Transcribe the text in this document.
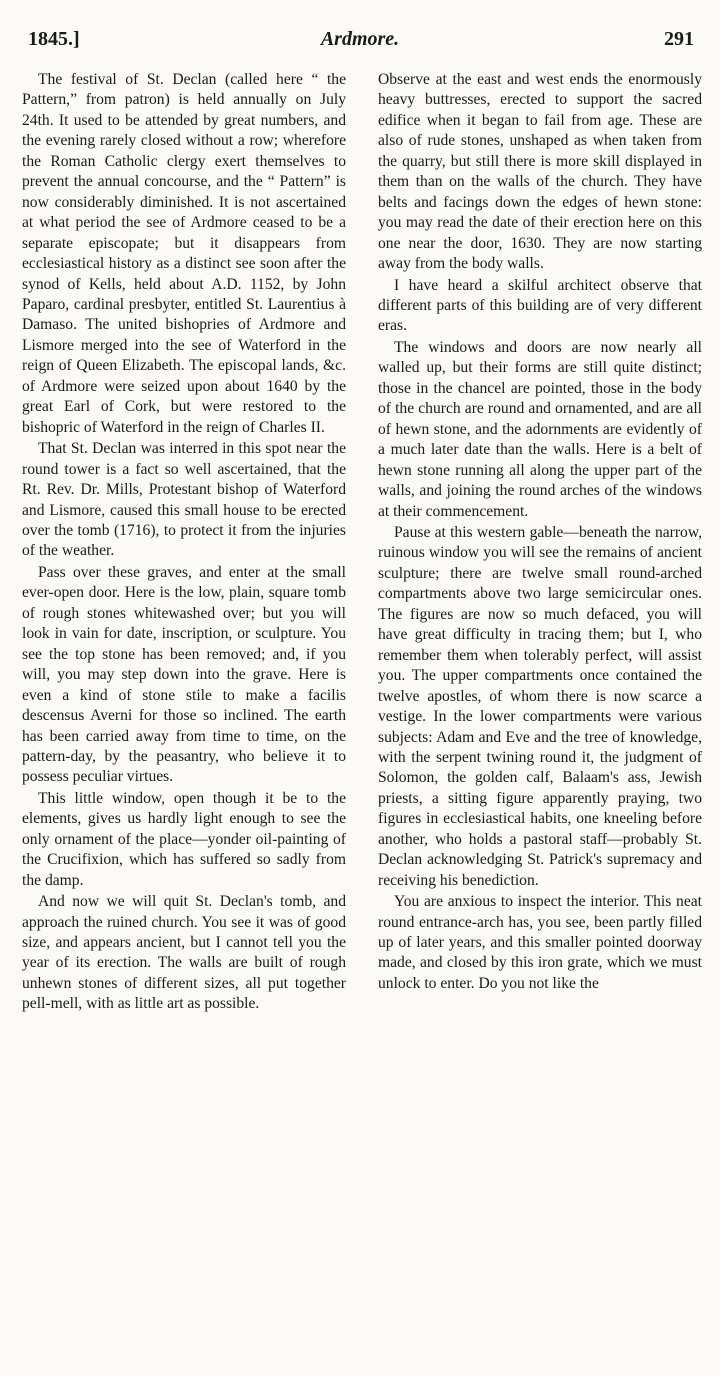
1845.]	Ardmore.	291

The festival of St. Declan (called here “ the Pattern,” from patron) is held annually on July 24th. It used to be attended by great numbers, and the evening rarely closed without a row; wherefore the Roman Catholic clergy exert themselves to prevent the annual concourse, and the “ Pattern” is now considerably diminished. It is not ascertained at what period the see of Ardmore ceased to be a separate episcopate; but it disappears from ecclesiastical history as a distinct see soon after the synod of Kells, held about A.D. 1152, by John Paparo, cardinal presbyter, entitled St. Laurentius à Damaso. The united bishopries of Ardmore and Lismore merged into the see of Waterford in the reign of Queen Elizabeth. The episcopal lands, &c. of Ardmore were seized upon about 1640 by the great Earl of Cork, but were restored to the bishopric of Waterford in the reign of Charles II.

That St. Declan was interred in this spot near the round tower is a fact so well ascertained, that the Rt. Rev. Dr. Mills, Protestant bishop of Waterford and Lismore, caused this small house to be erected over the tomb (1716), to protect it from the injuries of the weather.

Pass over these graves, and enter at the small ever-open door. Here is the low, plain, square tomb of rough stones whitewashed over; but you will look in vain for date, inscription, or sculpture. You see the top stone has been removed; and, if you will, you may step down into the grave. Here is even a kind of stone stile to make a facilis descensus Averni for those so inclined. The earth has been carried away from time to time, on the pattern-day, by the peasantry, who believe it to possess peculiar virtues.

This little window, open though it be to the elements, gives us hardly light enough to see the only ornament of the place—yonder oil-painting of the Crucifixion, which has suffered so sadly from the damp.

And now we will quit St. Declan's tomb, and approach the ruined church. You see it was of good size, and appears ancient, but I cannot tell you the year of its erection. The walls are built of rough unhewn stones of different sizes, all put together pell-mell, with as little art as possible.

Observe at the east and west ends the enormously heavy buttresses, erected to support the sacred edifice when it began to fail from age. These are also of rude stones, unshaped as when taken from the quarry, but still there is more skill displayed in them than on the walls of the church. They have belts and facings down the edges of hewn stone: you may read the date of their erection here on this one near the door, 1630. They are now starting away from the body walls.

I have heard a skilful architect observe that different parts of this building are of very different eras.

The windows and doors are now nearly all walled up, but their forms are still quite distinct; those in the chancel are pointed, those in the body of the church are round and ornamented, and are all of hewn stone, and the adornments are evidently of a much later date than the walls. Here is a belt of hewn stone running all along the upper part of the walls, and joining the round arches of the windows at their commencement.

Pause at this western gable—beneath the narrow, ruinous window you will see the remains of ancient sculpture; there are twelve small round-arched compartments above two large semicircular ones. The figures are now so much defaced, you will have great difficulty in tracing them; but I, who remember them when tolerably perfect, will assist you. The upper compartments once contained the twelve apostles, of whom there is now scarce a vestige. In the lower compartments were various subjects: Adam and Eve and the tree of knowledge, with the serpent twining round it, the judgment of Solomon, the golden calf, Balaam's ass, Jewish priests, a sitting figure apparently praying, two figures in ecclesiastical habits, one kneeling before another, who holds a pastoral staff—probably St. Declan acknowledging St. Patrick's supremacy and receiving his benediction.

You are anxious to inspect the interior. This neat round entrance-arch has, you see, been partly filled up of later years, and this smaller pointed doorway made, and closed by this iron grate, which we must unlock to enter. Do you not like the
